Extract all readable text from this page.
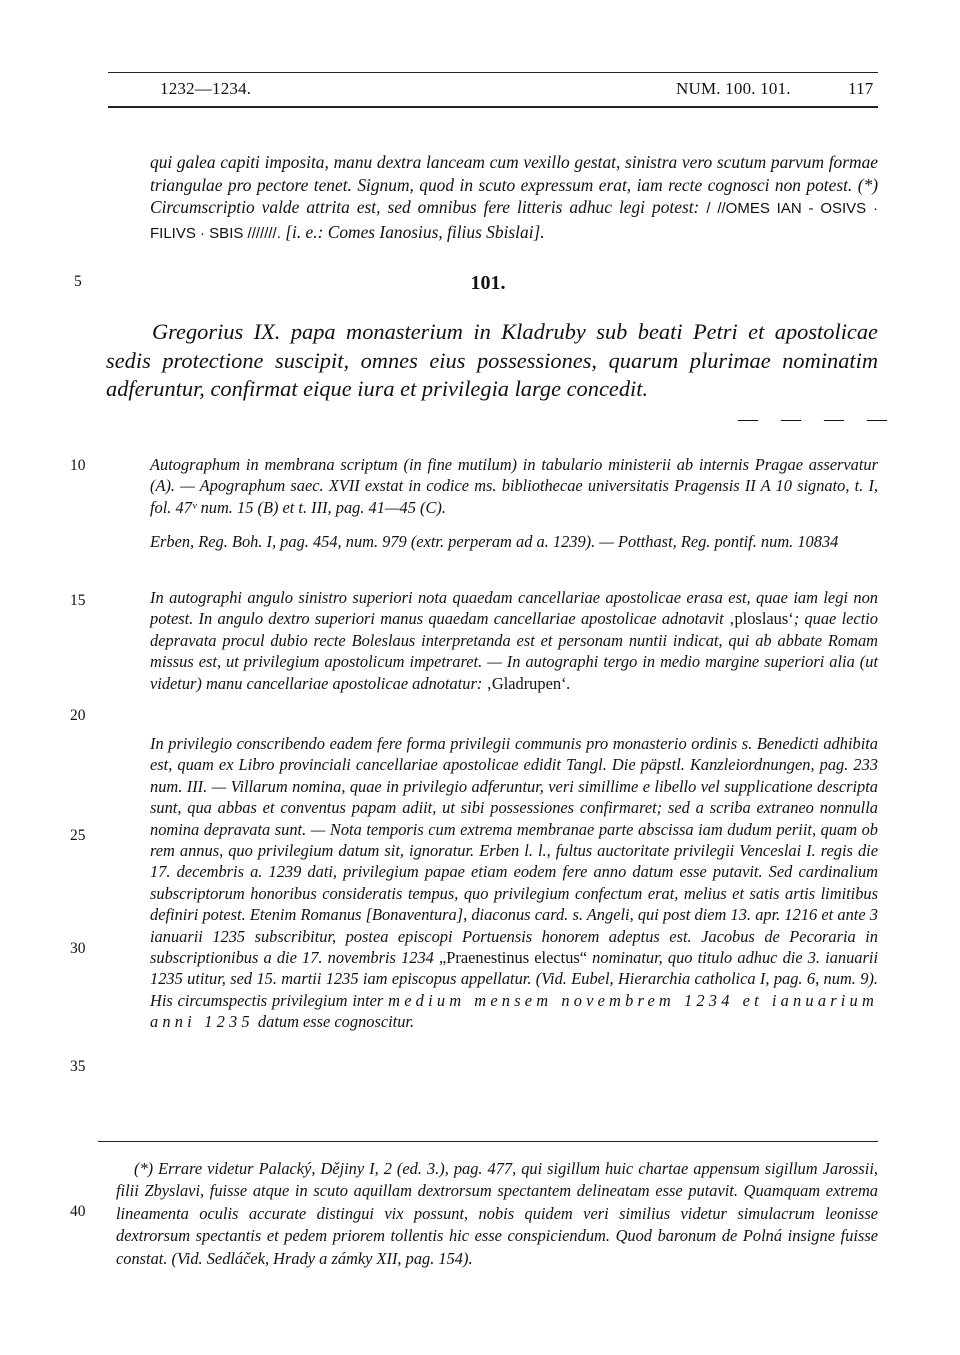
1232—1234.	NUM. 100. 101.	117

qui galea capiti imposita, manu dextra lanceam cum vexillo gestat, sinistra vero scutum parvum formae triangulae pro pectore tenet. Signum, quod in scuto expressum erat, iam recte cognosci non potest. (*) Circumscriptio valde attrita est, sed omnibus fere litteris adhuc legi potest: / //OMES IAN - OSIVS · FILIVS · SBIS ///////. [i. e.: Comes Ianosius, filius Sbislai].

5
10
15
20
25
30
35
40
101.

Gregorius IX. papa monasterium in Kladruby sub beati Petri et apostolicae sedis protectione suscipit, omnes eius possessiones, quarum plurimae nominatim adferuntur, confirmat eique iura et privilegia large concedit.

— — — —

Autographum in membrana scriptum (in fine mutilum) in tabulario ministerii ab internis Pragae asservatur (A). — Apographum saec. XVII exstat in codice ms. bibliothecae universitatis Pragensis II A 10 signato, t. I, fol. 47ᵛ num. 15 (B) et t. III, pag. 41—45 (C).

Erben, Reg. Boh. I, pag. 454, num. 979 (extr. perperam ad a. 1239). — Potthast, Reg. pontif. num. 10834

In autographi angulo sinistro superiori nota quaedam cancellariae apostolicae erasa est, quae iam legi non potest. In angulo dextro superiori manus quaedam cancellariae apostolicae adnotavit ‚ploslaus‘; quae lectio depravata procul dubio recte Boleslaus interpretanda est et personam nuntii indicat, qui ab abbate Romam missus est, ut privilegium apostolicum impetraret. — In autographi tergo in medio margine superiori alia (ut videtur) manu cancellariae apostolicae adnotatur: ‚Gladrupen‘.

In privilegio conscribendo eadem fere forma privilegii communis pro monasterio ordinis s. Benedicti adhibita est, quam ex Libro provinciali cancellariae apostolicae edidit Tangl. Die päpstl. Kanzleiordnungen, pag. 233 num. III. — Villarum nomina, quae in privilegio adferuntur, veri simillime e libello vel supplicatione descripta sunt, qua abbas et conventus papam adiit, ut sibi possessiones confirmaret; sed a scriba extraneo nonnulla nomina depravata sunt. — Nota temporis cum extrema membranae parte abscissa iam dudum periit, quam ob rem annus, quo privilegium datum sit, ignoratur. Erben l. l., fultus auctoritate privilegii Venceslai I. regis die 17. decembris a. 1239 dati, privilegium papae etiam eodem fere anno datum esse putavit. Sed cardinalium subscriptorum honoribus consideratis tempus, quo privilegium confectum erat, melius et satis artis limitibus definiri potest. Etenim Romanus [Bonaventura], diaconus card. s. Angeli, qui post diem 13. apr. 1216 et ante 3 ianuarii 1235 subscribitur, postea episcopi Portuensis honorem adeptus est. Jacobus de Pecoraria in subscriptionibus a die 17. novembris 1234 „Praenestinus electus“ nominatur, quo titulo adhuc die 3. ianuarii 1235 utitur, sed 15. martii 1235 iam episcopus appellatur. (Vid. Eubel, Hierarchia catholica I, pag. 6, num. 9). His circumspectis privilegium inter medium mensem novembrem 1234 et ianuarium anni 1235 datum esse cognoscitur.

(*) Errare videtur Palacký, Dějiny I, 2 (ed. 3.), pag. 477, qui sigillum huic chartae appensum sigillum Jarossii, filii Zbyslavi, fuisse atque in scuto aquillam dextrorsum spectantem delineatam esse putavit. Quamquam extrema lineamenta oculis accurate distingui vix possunt, nobis quidem veri similius videtur simulacrum leonisse dextrorsum spectantis et pedem priorem tollentis hic esse conspiciendum. Quod baronum de Polná insigne fuisse constat. (Vid. Sedláček, Hrady a zámky XII, pag. 154).
